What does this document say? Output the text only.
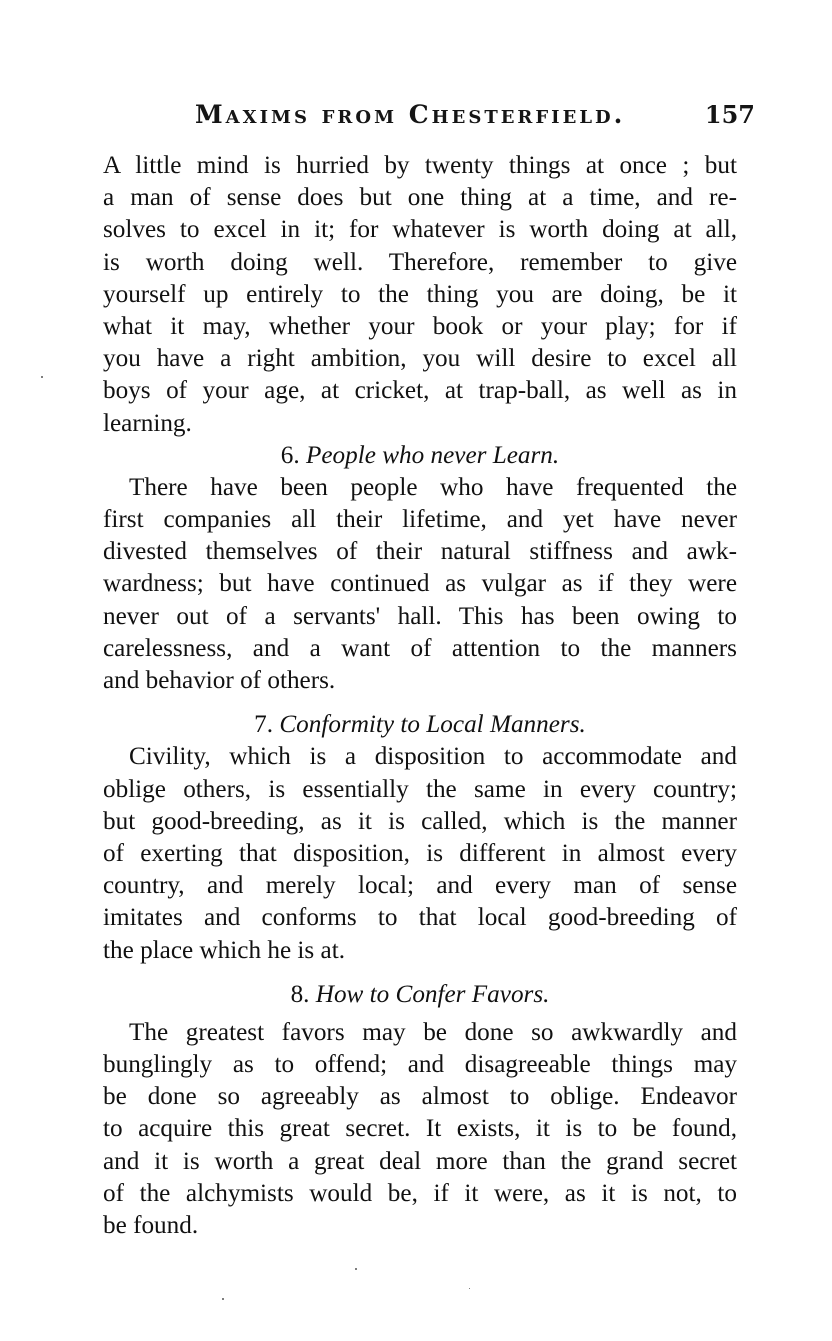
Maxims from Chesterfield.	157
A little mind is hurried by twenty things at once ; but
a man of sense does but one thing at a time, and re-
solves to excel in it; for whatever is worth doing at all,
is worth doing well. Therefore, remember to give
yourself up entirely to the thing you are doing, be it
what it may, whether your book or your play; for if
you have a right ambition, you will desire to excel all
boys of your age, at cricket, at trap-ball, as well as in
learning.
6. People who never Learn.
There have been people who have frequented the
first companies all their lifetime, and yet have never
divested themselves of their natural stiffness and awk-
wardness; but have continued as vulgar as if they were
never out of a servants' hall. This has been owing to
carelessness, and a want of attention to the manners
and behavior of others.
7. Conformity to Local Manners.
Civility, which is a disposition to accommodate and
oblige others, is essentially the same in every country;
but good-breeding, as it is called, which is the manner
of exerting that disposition, is different in almost every
country, and merely local; and every man of sense
imitates and conforms to that local good-breeding of
the place which he is at.
8. How to Confer Favors.
The greatest favors may be done so awkwardly and
bunglingly as to offend; and disagreeable things may
be done so agreeably as almost to oblige. Endeavor
to acquire this great secret. It exists, it is to be found,
and it is worth a great deal more than the grand secret
of the alchymists would be, if it were, as it is not, to
be found.
